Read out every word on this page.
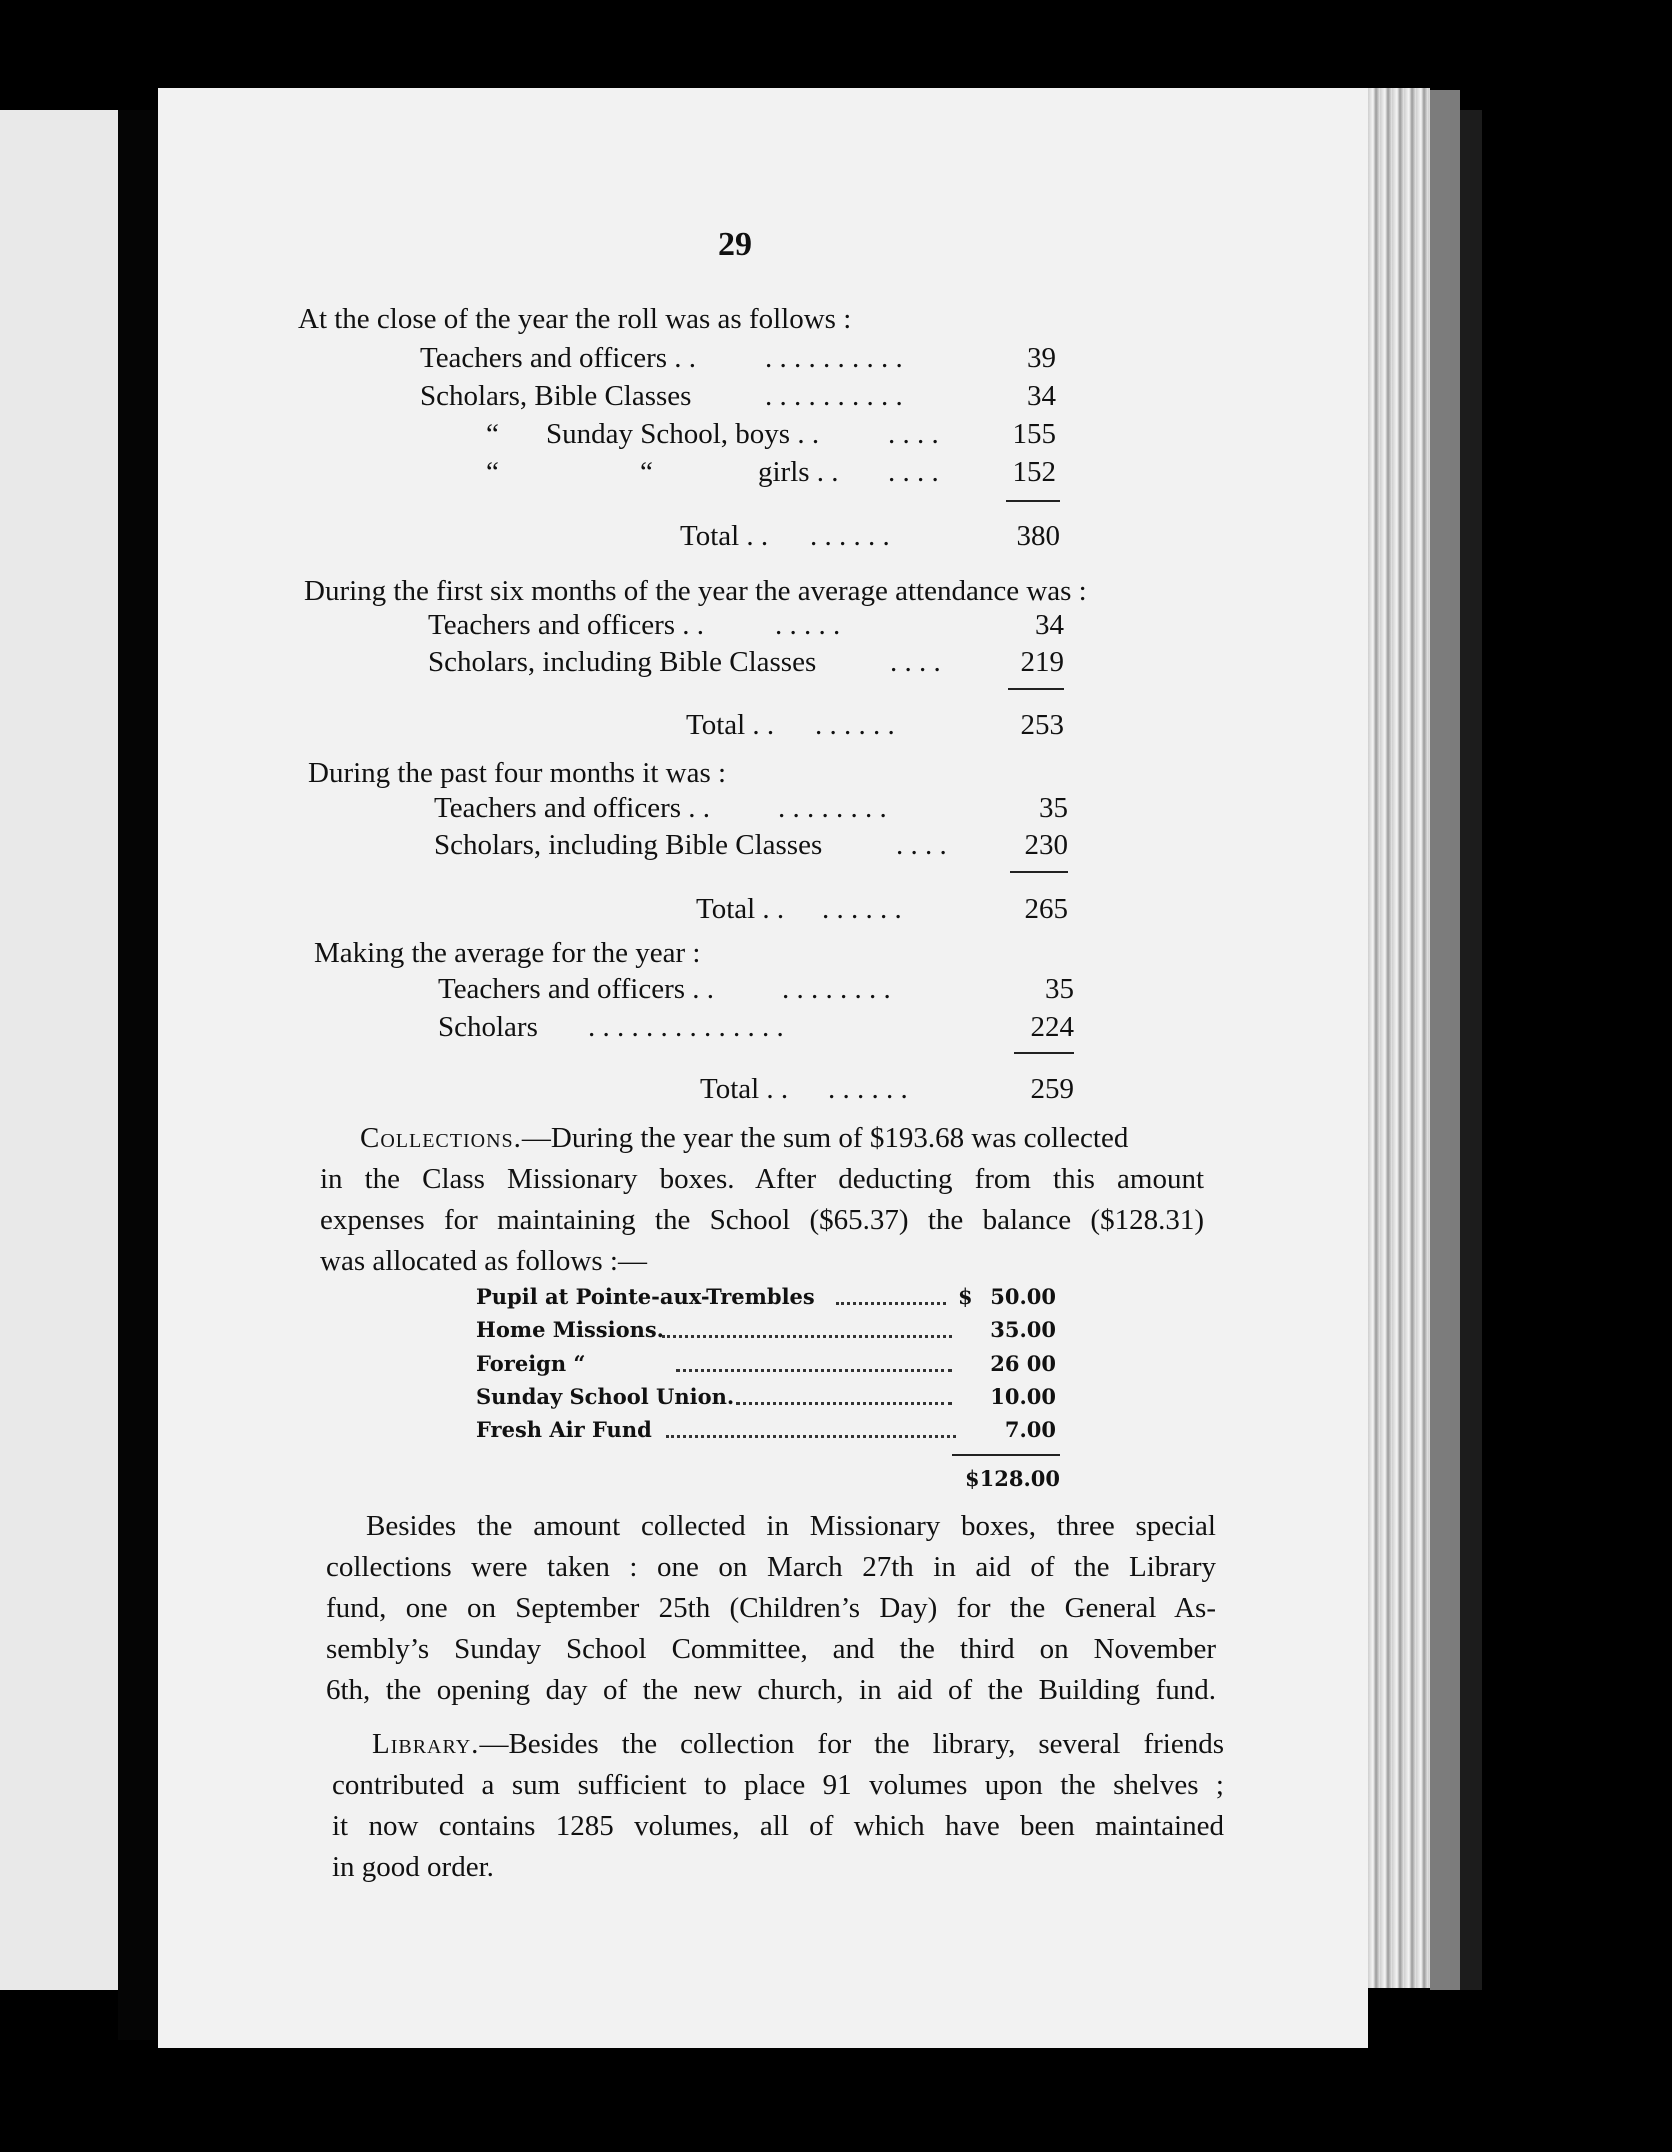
29
At the close of the year the roll was as follows :
Teachers and officers . . . . . . . . . . . .	39
Scholars, Bible Classes	. . . . . . . . . .	34
“ Sunday School, boys . . . . . .	155
“	“	girls . . . . . .	152
Total . . . . . . . .	380
During the first six months of the year the average attendance was :
Teachers and officers . . . . . . .	34
Scholars, including Bible Classes	. . . .	219
Total . . . . . . . .	253
During the past four months it was :
Teachers and officers . . . . . . . . . .	35
Scholars, including Bible Classes	. . . .	230
Total . . . . . . . .	265
Making the average for the year :
Teachers and officers . . . . . . . . . .	35
Scholars . . . . . . . . . . . . . .	224
Total . . . . . . . .	259
Collections.—During the year the sum of $193.68 was collected
in the Class Missionary boxes. After deducting from this amount
expenses for maintaining the School ($65.37) the balance ($128.31)
was allocated as follows :—
Pupil at Pointe-aux-Trembles	$ 50.00
Home Missions.	35.00
Foreign “	26 00
Sunday School Union.	10.00
Fresh Air Fund	7.00
$128.00
Besides the amount collected in Missionary boxes, three special
collections were taken : one on March 27th in aid of the Library
fund, one on September 25th (Children’s Day) for the General As-
sembly’s Sunday School Committee, and the third on November
6th, the opening day of the new church, in aid of the Building fund.
Library.—Besides the collection for the library, several friends
contributed a sum sufficient to place 91 volumes upon the shelves ;
it now contains 1285 volumes, all of which have been maintained
in good order.
